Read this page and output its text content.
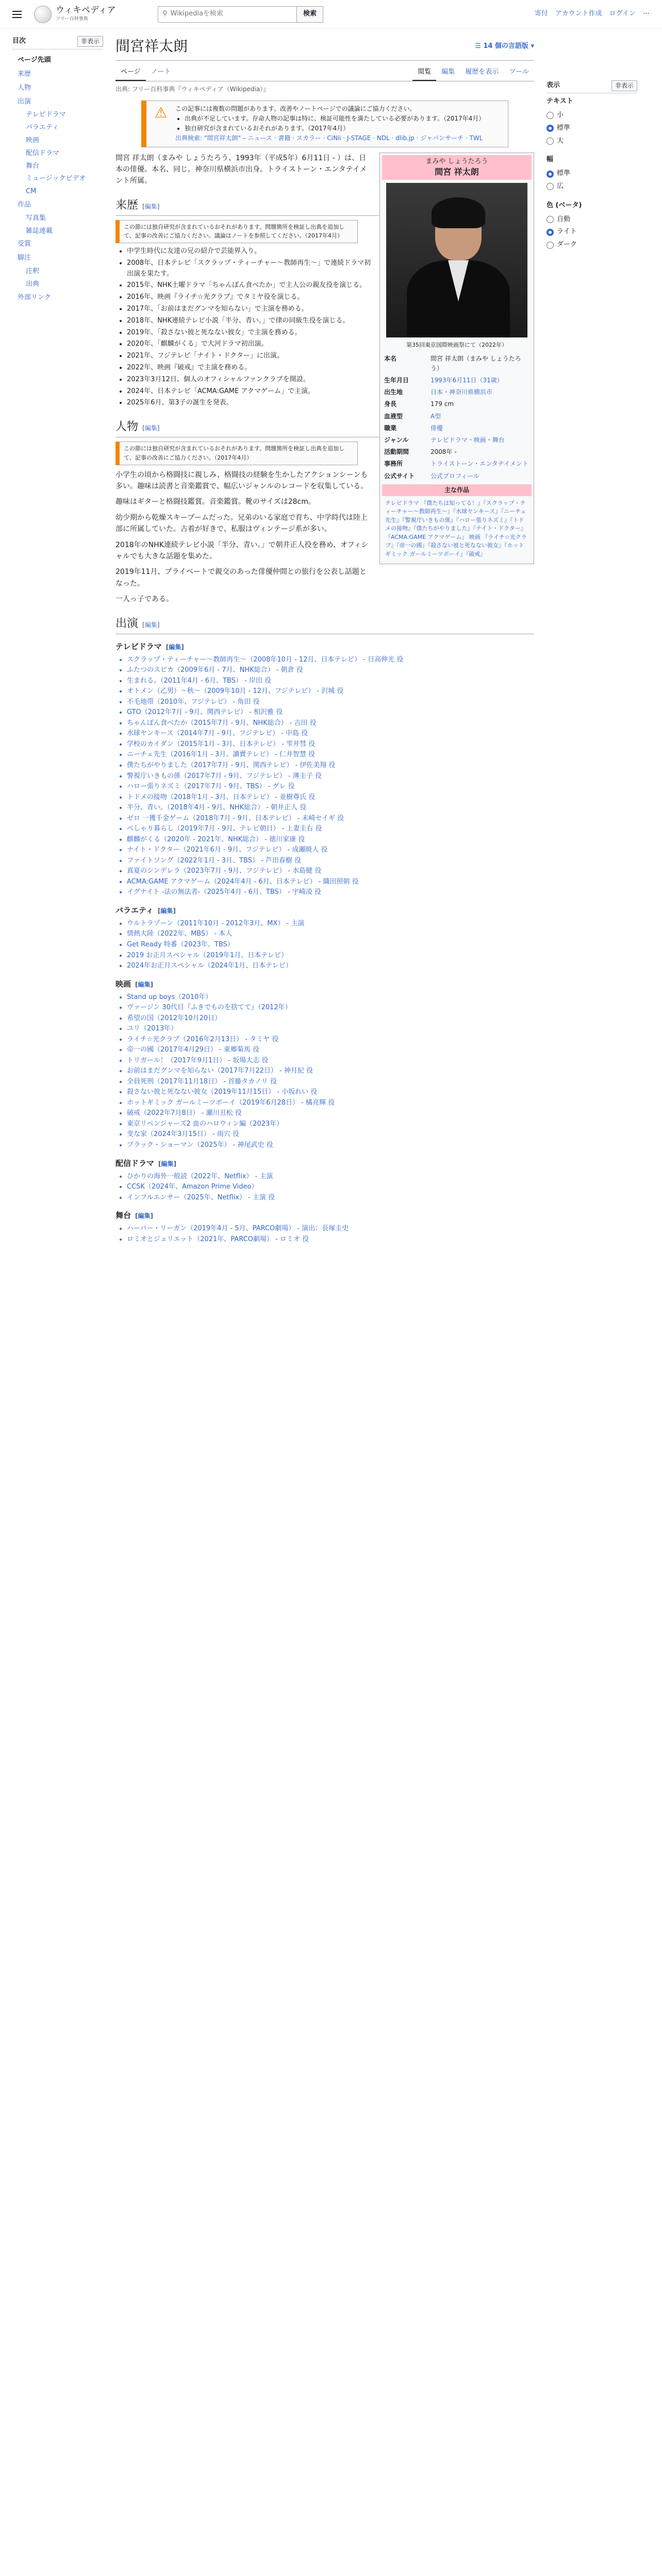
ウィキペディア
フリー百科事典
⚲ Wikipediaを検索	検索	寄付 アカウント作成 ログイン ⋯
目次	非表示
ページ先頭
来歴
人物
出演
テレビドラマ
バラエティ
映画
配信ドラマ
舞台
ミュージックビデオ
CM
作品
写真集
雑誌連載
受賞
脚注
注釈
出典
外部リンク
間宮祥太朗	☰ 14 個の言語版 ▾
ページ	ノート	閲覧	編集	履歴を表示	ツール
出典: フリー百科事典『ウィキペディア（Wikipedia）』
⚠	この記事には複数の問題があります。改善やノートページでの議論にご協力ください。
• 出典が不足しています。存命人物の記事は特に、検証可能性を満たしている必要があります。（2017年4月）
• 独自研究が含まれているおそれがあります。（2017年4月）
出典検索: "間宮祥太朗" – ニュース · 書籍 · スカラー · CiNii · J-STAGE · NDL · dlib.jp · ジャパンサーチ · TWL
まみや しょうたろう
間宮 祥太朗
第35回東京国際映画祭にて（2022年）
本名	間宮 祥太朗（まみや しょうたろう）
生年月日	1993年6月11日（31歳）
出生地	日本・神奈川県横浜市
身長	179 cm
血液型	A型
職業	俳優
ジャンル	テレビドラマ・映画・舞台
活動期間	2008年 -
事務所	トライストーン・エンタテイメント
公式サイト	公式プロフィール
主な作品
テレビドラマ 『僕たちは知ってる！』『スクラップ・ティーチャー〜教師再生〜』『水球ヤンキース』『ニーチェ先生』『警視庁いきもの係』『ハロー張りネズミ』『トドメの接吻』『僕たちがやりました』『ナイト・ドクター』『ACMA:GAME アクマゲーム』 映画 『ライチ☆光クラブ』『帝一の國』『殺さない彼と死なない彼女』『ホットギミック ガールミーツボーイ』『破戒』

間宮 祥太朗（まみや しょうたろう、1993年（平成5年）6月11日 - ）は、日本の俳優。本名、同じ。神奈川県横浜市出身。トライストーン・エンタテイメント所属。

来歴 [編集]
この節には独自研究が含まれているおそれがあります。問題箇所を検証し出典を追加して、記事の改善にご協力ください。議論はノートを参照してください。（2017年4月）
• 中学生時代に友達の兄の紹介で芸能界入り。
• 2008年、日本テレビ「スクラップ・ティーチャー〜教師再生〜」で連続ドラマ初出演を果たす。
• 2015年、NHK土曜ドラマ「ちゃんぽん食べたか」で主人公の親友役を演じる。
• 2016年、映画『ライチ☆光クラブ』でタミヤ役を演じる。
• 2017年、「お前はまだグンマを知らない」で主演を務める。
• 2018年、NHK連続テレビ小説「半分、青い。」で律の同級生役を演じる。
• 2019年、「殺さない彼と死なない彼女」で主演を務める。
• 2020年、「麒麟がくる」で大河ドラマ初出演。
• 2021年、フジテレビ「ナイト・ドクター」に出演。
• 2022年、映画『破戒』で主演を務める。
• 2023年3月12日、個人のオフィシャルファンクラブを開設。
• 2024年、日本テレビ「ACMA:GAME アクマゲーム」で主演。
• 2025年6月、第3子の誕生を発表。
人物 [編集]
この節には独自研究が含まれているおそれがあります。問題箇所を検証し出典を追加して、記事の改善にご協力ください。（2017年4月）

小学生の頃から格闘技に親しみ、格闘技の経験を生かしたアクションシーンも多い。趣味は読書と音楽鑑賞で、幅広いジャンルのレコードを収集している。

趣味はギターと格闘技鑑賞。音楽鑑賞。靴のサイズは28cm。

幼少期から乾燥スキーブームだった。兄弟のいる家庭で育ち、中学時代は陸上部に所属していた。古着が好きで、私服はヴィンテージ系が多い。

2018年のNHK連続テレビ小説「半分、青い。」で朝井正人役を務め、オフィシャルでも大きな話題を集めた。

2019年11月、プライベートで親交のあった俳優仲間との旅行を公表し話題となった。

一人っ子である。

出演 [編集]
テレビドラマ [編集]
• スクラップ・ティーチャー〜教師再生〜（2008年10月 - 12月、日本テレビ） - 日高伸光 役
• ふたつのスピカ（2009年6月 - 7月、NHK総合） - 朝倉 役
• 生まれる。（2011年4月 - 6月、TBS） - 岸田 役
• オトメン（乙男）〜秋〜（2009年10月 - 12月、フジテレビ） - 沢城 役
• 不毛地帯（2010年、フジテレビ） - 角田 役
• GTO（2012年7月 - 9月、関西テレビ） - 相沢雅 役
• ちゃんぽん食べたか（2015年7月 - 9月、NHK総合） - 吉田 役
• 水球ヤンキース（2014年7月 - 9月、フジテレビ） - 中島 役
• 学校のカイダン（2015年1月 - 3月、日本テレビ） - 雫井彗 役
• ニーチェ先生（2016年1月 - 3月、讀賣テレビ） - 仁井智慧 役
• 僕たちがやりました（2017年7月 - 9月、関西テレビ） - 伊佐美翔 役
• 警視庁いきもの係（2017年7月 - 9月、フジテレビ） - 薄圭子 役
• ハロー張りネズミ（2017年7月 - 9月、TBS） - グレ 役
• トドメの接吻（2018年1月 - 3月、日本テレビ） - 並樹尊氏 役
• 半分、青い。（2018年4月 - 9月、NHK総合） - 朝井正人 役
• ゼロ 一獲千金ゲーム（2018年7月 - 9月、日本テレビ） - 末崎セイギ 役
• べしゃり暮らし（2019年7月 - 9月、テレビ朝日） - 上妻圭右 役
• 麒麟がくる（2020年 - 2021年、NHK総合） - 徳川家康 役
• ナイト・ドクター（2021年6月 - 9月、フジテレビ） - 成瀬暁人 役
• ファイトソング（2022年1月 - 3月、TBS） - 芦田春樹 役
• 真夏のシンデレラ（2023年7月 - 9月、フジテレビ） - 水島健 役
• ACMA:GAME アクマゲーム（2024年4月 - 6月、日本テレビ） - 織田照朝 役
• イグナイト -法の無法者-（2025年4月 - 6月、TBS） - 宇崎凌 役
バラエティ [編集]
• ウルトラゾーン（2011年10月 - 2012年3月、MX） - 主演
• 情熱大陸（2022年、MBS） - 本人
• Get Ready 特番（2023年、TBS）
• 2019 お正月スペシャル（2019年1月、日本テレビ）
• 2024年お正月スペシャル（2024年1月、日本テレビ）
映画 [編集]
• Stand up boys（2010年）
• ヴァージン 30代目『ふきでものを捨てて』（2012年）
• 希望の国（2012年10月20日）
• ユリ（2013年）
• ライチ☆光クラブ（2016年2月13日） - タミヤ 役
• 帝一の國（2017年4月29日） - 東郷菊馬 役
• トリガール！（2017年9月1日） - 坂場大志 役
• お前はまだグンマを知らない（2017年7月22日） - 神月紀 役
• 全員死刑（2017年11月18日） - 首藤タカノリ 役
• 殺さない彼と死なない彼女（2019年11月15日） - 小坂れい 役
• ホットギミック ガールミーツボーイ（2019年6月28日） - 橘亮輝 役
• 破戒（2022年7月8日） - 瀬川丑松 役
• 東京リベンジャーズ2 血のハロウィン編（2023年）
• 变な家（2024年3月15日） - 雨穴 役
• ブラック・ショーマン（2025年） - 神尾武史 役
配信ドラマ [編集]
• ひかりの海外一般読（2022年、Netflix） - 主演
• CCSK（2024年、Amazon Prime Video）
• インフルエンサー（2025年、Netflix） - 主演 役
舞台 [編集]
• ハーパー・リーガン（2019年4月 - 5月、PARCO劇場） - 演出：長塚圭史
• ロミオとジュリエット（2021年、PARCO劇場） - ロミオ 役
表示	非表示
テキスト
小
標準
大
幅
標準
広
色 (ベータ)
自動
ライト
ダーク
